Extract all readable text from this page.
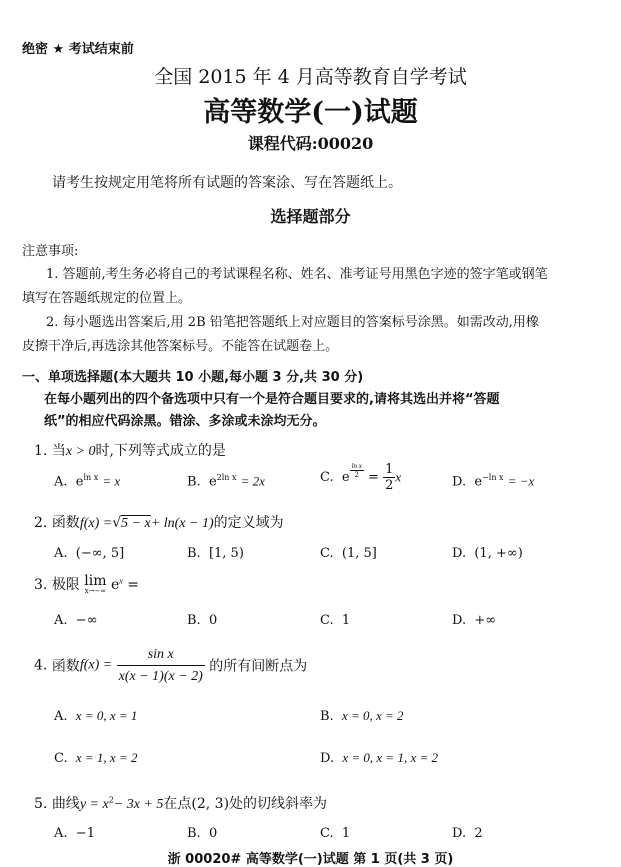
绝密 ★ 考试结束前
全国 2015 年 4 月高等教育自学考试
高等数学(一)试题
课程代码:00020
请考生按规定用笔将所有试题的答案涂、写在答题纸上。
选择题部分
注意事项:
1. 答题前,考生务必将自己的考试课程名称、姓名、准考证号用黑色字迹的签字笔或钢笔
填写在答题纸规定的位置上。
2. 每小题选出答案后,用 2B 铅笔把答题纸上对应题目的答案标号涂黑。如需改动,用橡
皮擦干净后,再选涂其他答案标号。不能答在试题卷上。
一、单项选择题(本大题共 10 小题,每小题 3 分,共 30 分)
在每小题列出的四个备选项中只有一个是符合题目要求的,请将其选出并将“答题
纸”的相应代码涂黑。错涂、多涂或未涂均无分。
1. 当x > 0时,下列等式成立的是
A. $e^{ln x} = x$	B. $e^{2ln x} = 2x$	C. e $\frac{\text{ln x}}{2} = \frac{1}{2}$ x	D. $e^{-ln x} = -x$
2. 函数f(x) =√5 − x+ ln(x − 1)的定义域为
A. (−∞, 5]	B. [1, 5)	C. (1, 5]	D. (1, +∞)
3. 极限 lim
x→−∞ $e^x$ =
A. −∞	B. 0	C. 1	D. +∞
4. 函数$f(x) = \frac{\text{sin x}}{x(x - 1)(x - 2)}$ 的所有间断点为
A. x = 0, x = 1	B. x = 0, x = 2
C. x = 1, x = 2	D. x = 0, x = 1, x = 2
5. 曲线$y = x^2- 3x + 5$在点(2, 3)处的切线斜率为
A. −1	B. 0	C. 1	D. 2
浙 00020# 高等数学(一)试题 第 1 页(共 3 页)
